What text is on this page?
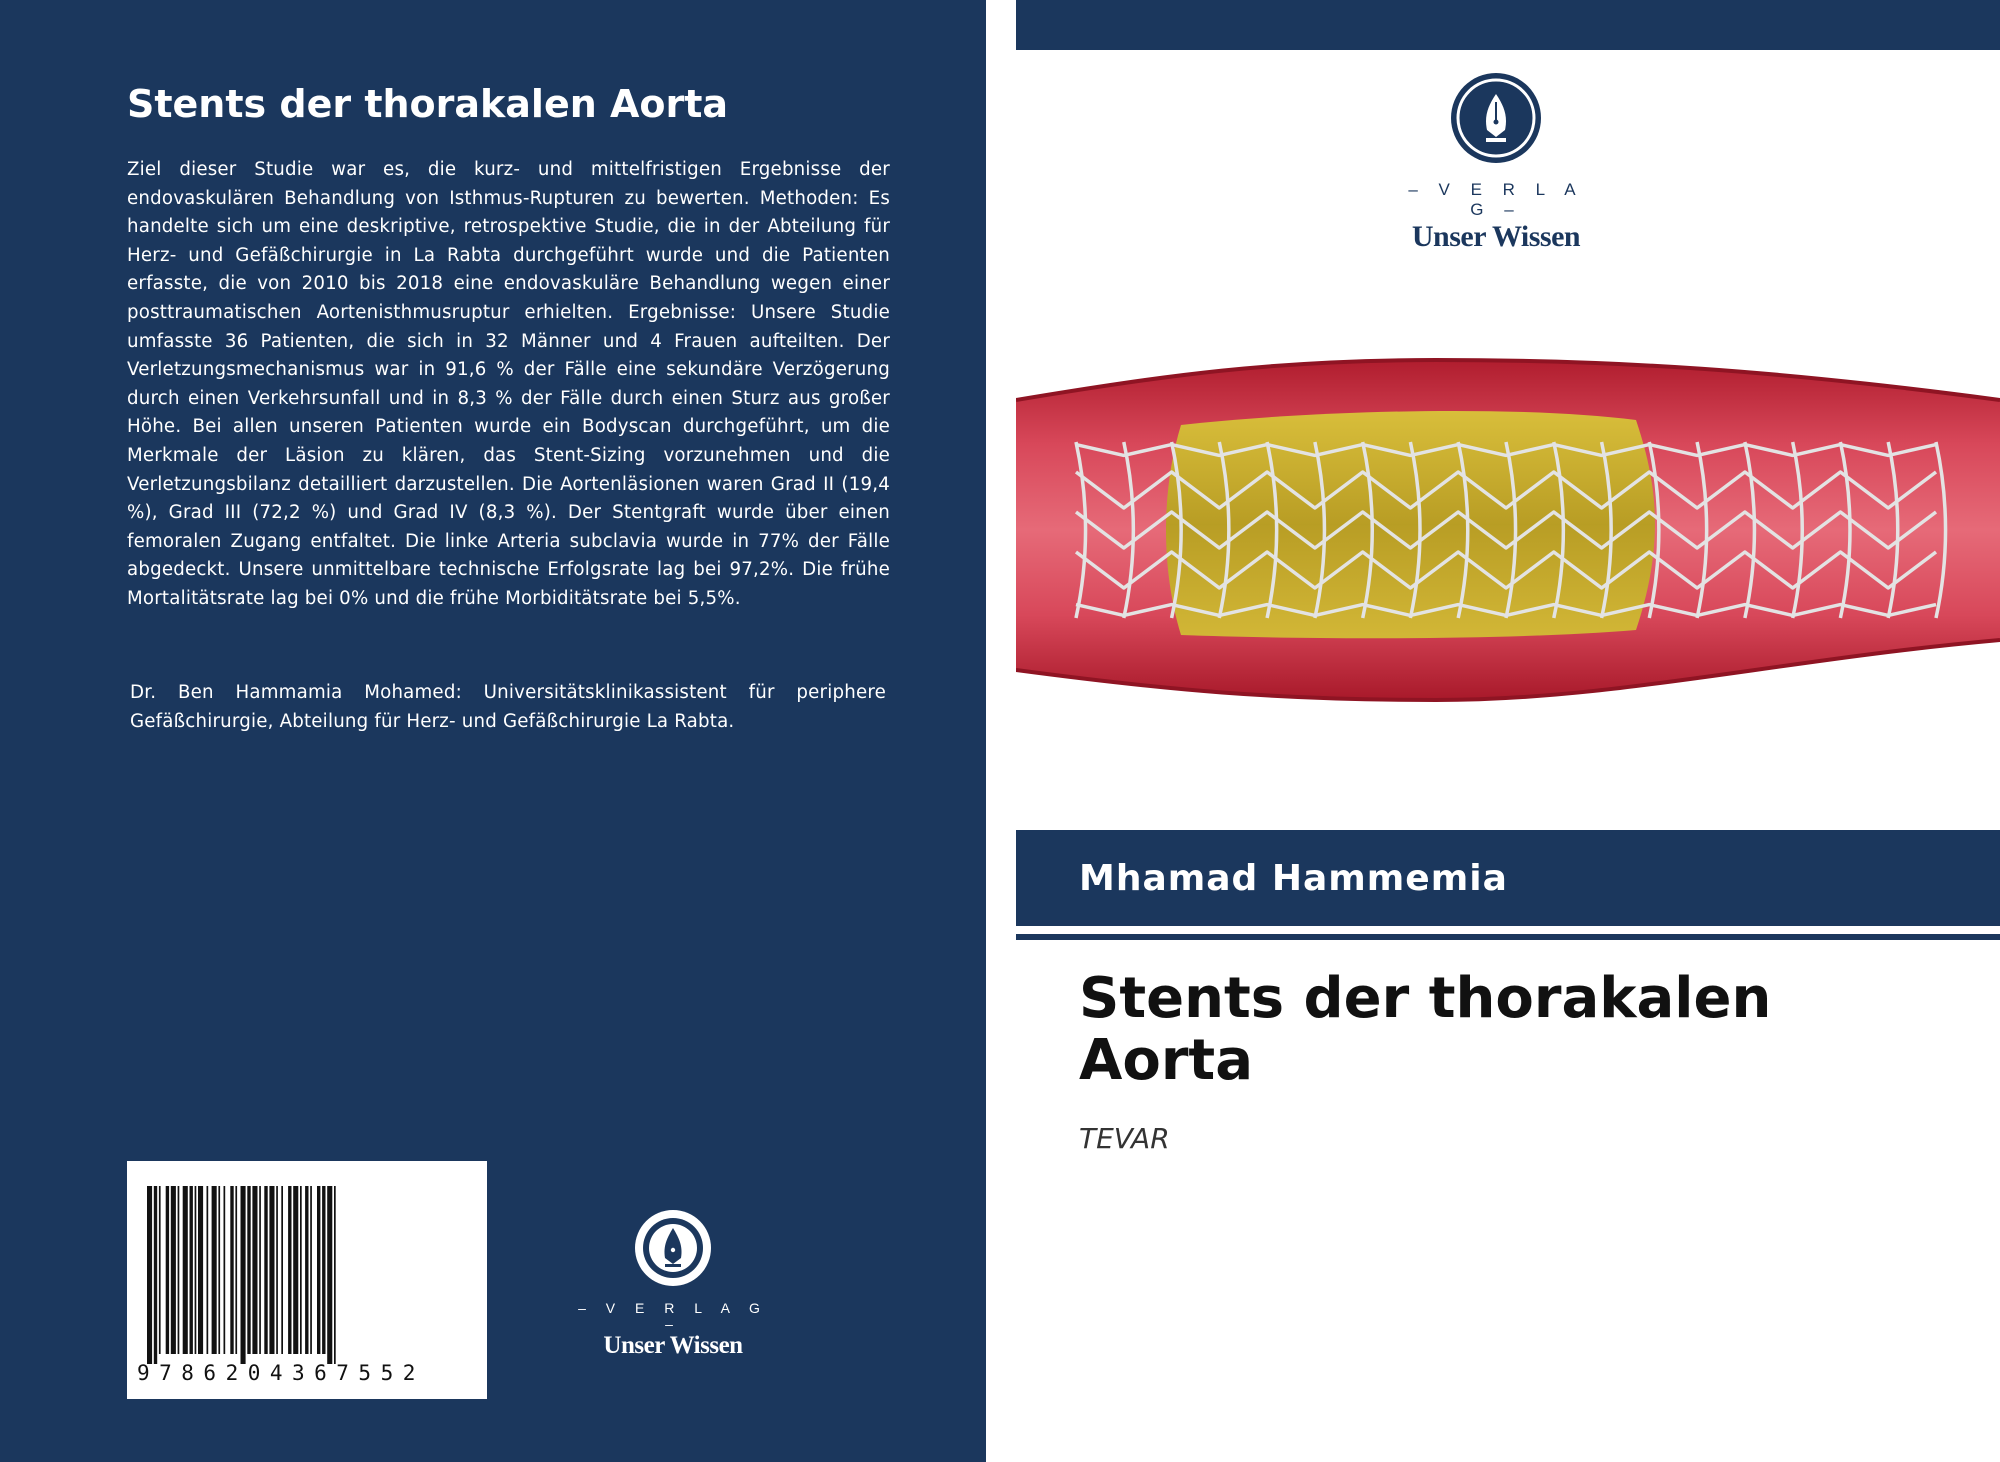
Stents der thorakalen Aorta

Ziel dieser Studie war es, die kurz- und mittelfristigen Ergebnisse der endovaskulären Behandlung von Isthmus-Rupturen zu bewerten. Methoden: Es handelte sich um eine deskriptive, retrospektive Studie, die in der Abteilung für Herz- und Gefäßchirurgie in La Rabta durchgeführt wurde und die Patienten erfasste, die von 2010 bis 2018 eine endovaskuläre Behandlung wegen einer posttraumatischen Aortenisthmusruptur erhielten. Ergebnisse: Unsere Studie umfasste 36 Patienten, die sich in 32 Männer und 4 Frauen aufteilten. Der Verletzungsmechanismus war in 91,6 % der Fälle eine sekundäre Verzögerung durch einen Verkehrsunfall und in 8,3 % der Fälle durch einen Sturz aus großer Höhe. Bei allen unseren Patienten wurde ein Bodyscan durchgeführt, um die Merkmale der Läsion zu klären, das Stent-Sizing vorzunehmen und die Verletzungsbilanz detailliert darzustellen. Die Aortenläsionen waren Grad II (19,4 %), Grad III (72,2 %) und Grad IV (8,3 %). Der Stentgraft wurde über einen femoralen Zugang entfaltet. Die linke Arteria subclavia wurde in 77% der Fälle abgedeckt. Unsere unmittelbare technische Erfolgsrate lag bei 97,2%. Die frühe Mortalitätsrate lag bei 0% und die frühe Morbiditätsrate bei 5,5%.

Dr. Ben Hammamia Mohamed: Universitätsklinikassistent für periphere Gefäßchirurgie, Abteilung für Herz- und Gefäßchirurgie La Rabta.

9786204367552
– V E R L A G –
Unser Wissen
– V E R L A G –
Unser Wissen
Mhamad Hammemia
Stents der thorakalen Aorta
TEVAR
